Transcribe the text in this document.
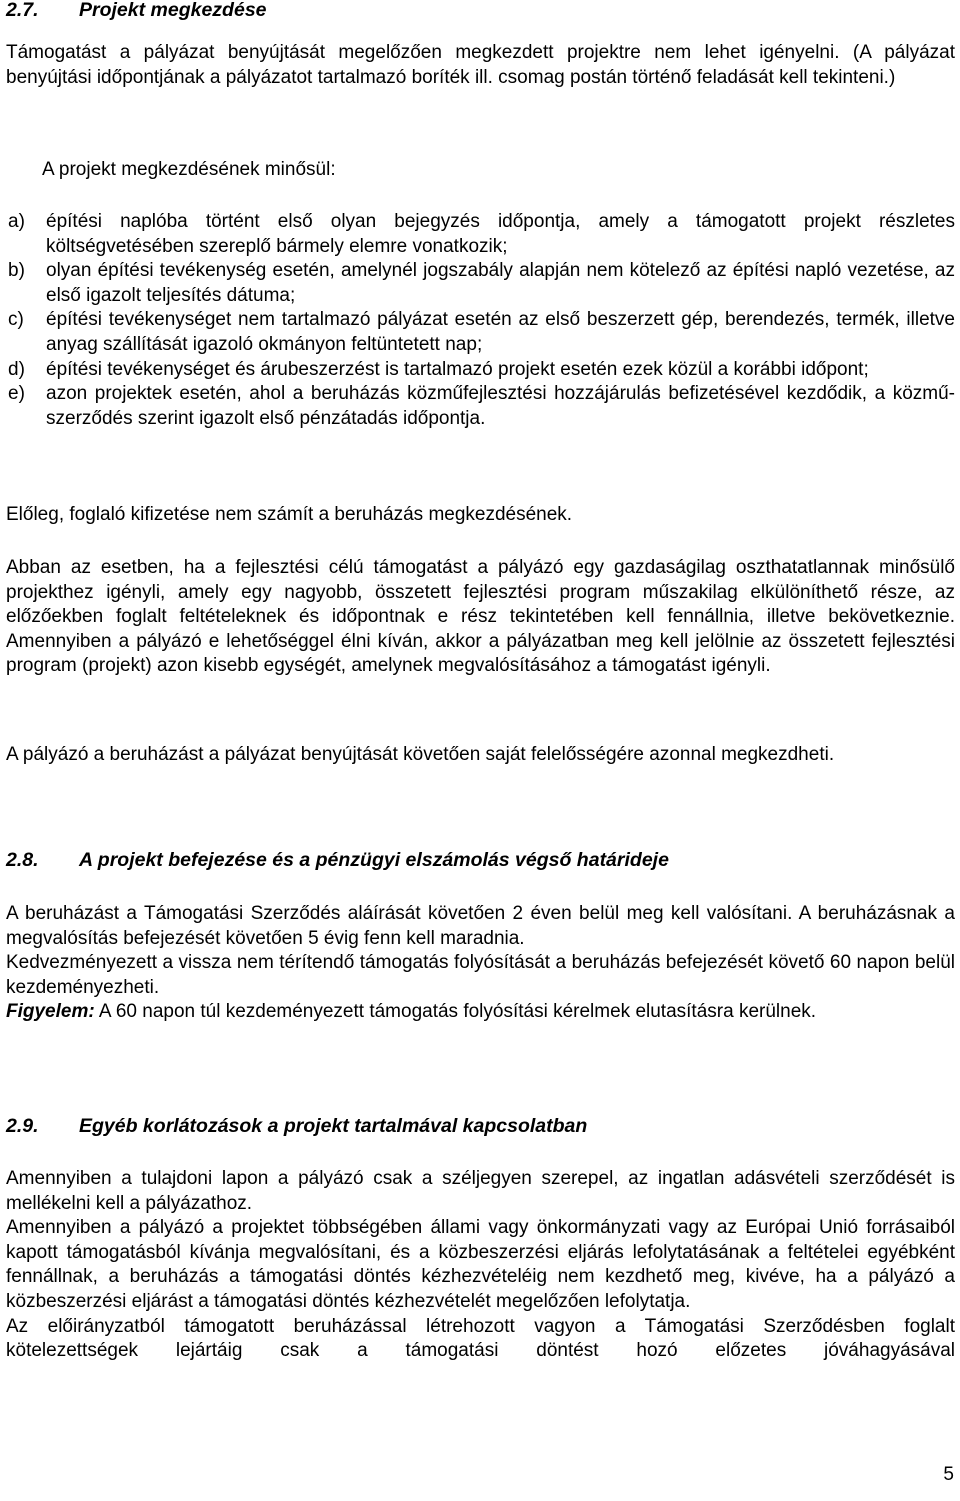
2.7.	Projekt megkezdése

Támogatást a pályázat benyújtását megelőzően megkezdett projektre nem lehet igényelni. (A pályázat benyújtási időpontjának a pályázatot tartalmazó boríték ill. csomag postán történő feladását kell tekinteni.)

A projekt megkezdésének minősül:

a)	építési naplóba történt első olyan bejegyzés időpontja, amely a támogatott projekt részletes költségvetésében szereplő bármely elemre vonatkozik;
b)	olyan építési tevékenység esetén, amelynél jogszabály alapján nem kötelező az építési napló vezetése, az első igazolt teljesítés dátuma;
c)	építési tevékenységet nem tartalmazó pályázat esetén az első beszerzett gép, berendezés, termék, illetve anyag szállítását igazoló okmányon feltüntetett nap;
d)	építési tevékenységet és árubeszerzést is tartalmazó projekt esetén ezek közül a korábbi időpont;
e)	azon projektek esetén, ahol a beruházás közműfejlesztési hozzájárulás befizetésével kezdődik, a közmű-szerződés szerint igazolt első pénzátadás időpontja.

Előleg, foglaló kifizetése nem számít a beruházás megkezdésének.

Abban az esetben, ha a fejlesztési célú támogatást a pályázó egy gazdaságilag oszthatatlannak minősülő projekthez igényli, amely egy nagyobb, összetett fejlesztési program műszakilag elkülöníthető része, az előzőekben foglalt feltételeknek és időpontnak e rész tekintetében kell fennállnia, illetve bekövetkeznie. Amennyiben a pályázó e lehetőséggel élni kíván, akkor a pályázatban meg kell jelölnie az összetett fejlesztési program (projekt) azon kisebb egységét, amelynek megvalósításához a támogatást igényli.

A pályázó a beruházást a pályázat benyújtását követően saját felelősségére azonnal megkezdheti.

2.8.	A projekt befejezése és a pénzügyi elszámolás végső határideje

A beruházást a Támogatási Szerződés aláírását követően 2 éven belül meg kell valósítani. A beruházásnak a megvalósítás befejezését követően 5 évig fenn kell maradnia.

Kedvezményezett a vissza nem térítendő támogatás folyósítását a beruházás befejezését követő 60 napon belül kezdeményezheti.

Figyelem: A 60 napon túl kezdeményezett támogatás folyósítási kérelmek elutasításra kerülnek.

2.9.	Egyéb korlátozások a projekt tartalmával kapcsolatban

Amennyiben a tulajdoni lapon a pályázó csak a széljegyen szerepel, az ingatlan adásvételi szerződését is mellékelni kell a pályázathoz.

Amennyiben a pályázó a projektet többségében állami vagy önkormányzati vagy az Európai Unió forrásaiból kapott támogatásból kívánja megvalósítani, és a közbeszerzési eljárás lefolytatásának a feltételei egyébként fennállnak, a beruházás a támogatási döntés kézhezvételéig nem kezdhető meg, kivéve, ha a pályázó a közbeszerzési eljárást a támogatási döntés kézhezvételét megelőzően lefolytatja.

Az előirányzatból támogatott beruházással létrehozott vagyon a Támogatási Szerződésben foglalt kötelezettségek lejártáig csak a támogatási döntést hozó előzetes jóváhagyásával

5
